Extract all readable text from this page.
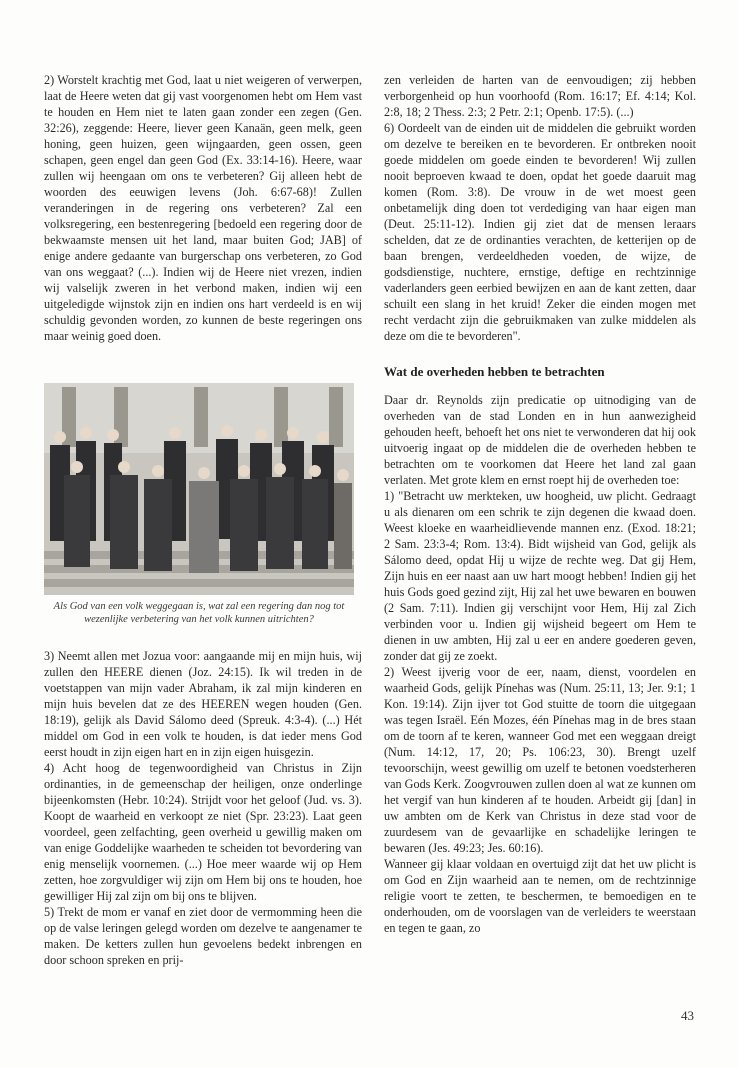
2) Worstelt krachtig met God, laat u niet weigeren of verwerpen, laat de Heere weten dat gij vast voorgenomen hebt om Hem vast te houden en Hem niet te laten gaan zonder een zegen (Gen. 32:26), zeggende: Heere, liever geen Kanaän, geen melk, geen honing, geen huizen, geen wijngaarden, geen ossen, geen schapen, geen engel dan geen God (Ex. 33:14-16). Heere, waar zullen wij heengaan om ons te verbeteren? Gij alleen hebt de woorden des eeuwigen levens (Joh. 6:67-68)! Zullen veranderingen in de regering ons verbeteren? Zal een volksregering, een bestenregering [bedoeld een regering door de bekwaamste mensen uit het land, maar buiten God; JAB] of enige andere gedaante van burgerschap ons verbeteren, zo God van ons weggaat? (...). Indien wij de Heere niet vrezen, indien wij valselijk zweren in het verbond maken, indien wij een uitgeledigde wijnstok zijn en indien ons hart verdeeld is en wij schuldig gevonden worden, zo kunnen de beste regeringen ons maar weinig goed doen.

Als God van een volk weggegaan is, wat zal een regering dan nog tot wezenlijke verbetering van het volk kunnen uitrichten?

3) Neemt allen met Jozua voor: aangaande mij en mijn huis, wij zullen den HEERE dienen (Joz. 24:15). Ik wil treden in de voetstappen van mijn vader Abraham, ik zal mijn kinderen en mijn huis bevelen dat ze des HEEREN wegen houden (Gen. 18:19), gelijk als David Sálomo deed (Spreuk. 4:3-4). (...) Hét middel om God in een volk te houden, is dat ieder mens God eerst houdt in zijn eigen hart en in zijn eigen huisgezin.

4) Acht hoog de tegenwoordigheid van Christus in Zijn ordinanties, in de gemeenschap der heiligen, onze onderlinge bijeenkomsten (Hebr. 10:24). Strijdt voor het geloof (Jud. vs. 3). Koopt de waarheid en verkoopt ze niet (Spr. 23:23). Laat geen voordeel, geen zelfachting, geen overheid u gewillig maken om van enige Goddelijke waarheden te scheiden tot bevordering van enig menselijk voornemen. (...) Hoe meer waarde wij op Hem zetten, hoe zorgvuldiger wij zijn om Hem bij ons te houden, hoe gewilliger Hij zal zijn om bij ons te blijven.

5) Trekt de mom er vanaf en ziet door de vermomming heen die op de valse leringen gelegd worden om dezelve te aangenamer te maken. De ketters zullen hun gevoelens bedekt inbrengen en door schoon spreken en prij-

zen verleiden de harten van de eenvoudigen; zij hebben verborgenheid op hun voorhoofd (Rom. 16:17; Ef. 4:14; Kol. 2:8, 18; 2 Thess. 2:3; 2 Petr. 2:1; Openb. 17:5). (...)

6) Oordeelt van de einden uit de middelen die gebruikt worden om dezelve te bereiken en te bevorderen. Er ontbreken nooit goede middelen om goede einden te bevorderen! Wij zullen nooit beproeven kwaad te doen, opdat het goede daaruit mag komen (Rom. 3:8). De vrouw in de wet moest geen onbetamelijk ding doen tot verdediging van haar eigen man (Deut. 25:11-12). Indien gij ziet dat de mensen leraars schelden, dat ze de ordinanties verachten, de ketterijen op de baan brengen, verdeeldheden voeden, de wijze, de godsdienstige, nuchtere, ernstige, deftige en rechtzinnige vaderlanders geen eerbied bewijzen en aan de kant zetten, daar schuilt een slang in het kruid! Zeker die einden mogen met recht verdacht zijn die gebruikmaken van zulke middelen als deze om die te bevorderen".

Wat de overheden hebben te betrachten

Daar dr. Reynolds zijn predicatie op uitnodiging van de overheden van de stad Londen en in hun aanwezigheid gehouden heeft, behoeft het ons niet te verwonderen dat hij ook uitvoerig ingaat op de middelen die de overheden hebben te betrachten om te voorkomen dat Heere het land zal gaan verlaten. Met grote klem en ernst roept hij de overheden toe:

1) "Betracht uw merkteken, uw hoogheid, uw plicht. Gedraagt u als dienaren om een schrik te zijn degenen die kwaad doen. Weest kloeke en waarheidlievende mannen enz. (Exod. 18:21; 2 Sam. 23:3-4; Rom. 13:4). Bidt wijsheid van God, gelijk als Sálomo deed, opdat Hij u wijze de rechte weg. Dat gij Hem, Zijn huis en eer naast aan uw hart moogt hebben! Indien gij het huis Gods goed gezind zijt, Hij zal het uwe bewaren en bouwen (2 Sam. 7:11). Indien gij verschijnt voor Hem, Hij zal Zich verbinden voor u. Indien gij wijsheid begeert om Hem te dienen in uw ambten, Hij zal u eer en andere goederen geven, zonder dat gij ze zoekt.

2) Weest ijverig voor de eer, naam, dienst, voordelen en waarheid Gods, gelijk Pínehas was (Num. 25:11, 13; Jer. 9:1; 1 Kon. 19:14). Zijn ijver tot God stuitte de toorn die uitgegaan was tegen Israël. Eén Mozes, één Pínehas mag in de bres staan om de toorn af te keren, wanneer God met een weggaan dreigt (Num. 14:12, 17, 20; Ps. 106:23, 30). Brengt uzelf tevoorschijn, weest gewillig om uzelf te betonen voedsterheren van Gods Kerk. Zoogvrouwen zullen doen al wat ze kunnen om het vergif van hun kinderen af te houden. Arbeidt gij [dan] in uw ambten om de Kerk van Christus in deze stad voor de zuurdesem van de gevaarlijke en schadelijke leringen te bewaren (Jes. 49:23; Jes. 60:16).

Wanneer gij klaar voldaan en overtuigd zijt dat het uw plicht is om God en Zijn waarheid aan te nemen, om de rechtzinnige religie voort te zetten, te beschermen, te bemoedigen en te onderhouden, om de voorslagen van de verleiders te weerstaan en tegen te gaan, zo

43
